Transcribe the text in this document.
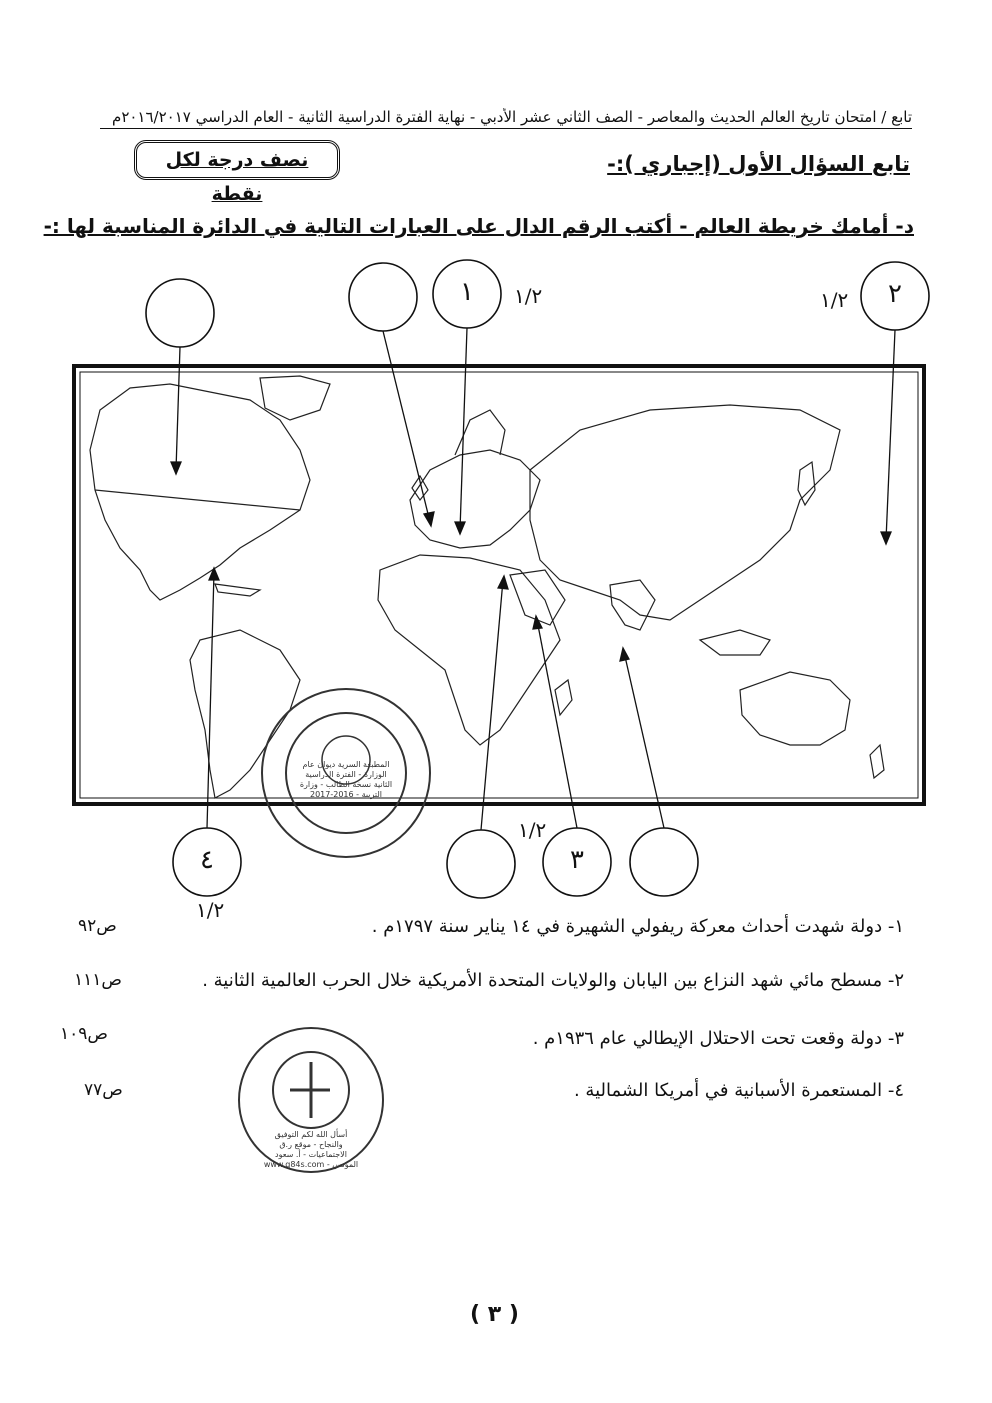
تابع / امتحان تاريخ العالم الحديث والمعاصر - الصف الثاني عشر الأدبي - نهاية الفترة الدراسية الثانية - العام الدراسي ٢٠١٦/٢٠١٧م
تابع السؤال الأول (إجباري ):-
نصف درجة لكل نقطة
د- أمامك خريطة العالم - أكتب الرقم الدال على العبارات التالية في الدائرة المناسبة لها :-
المطبعة السرية ديوان عام الوزارة - الفترة الدراسية الثانية نسخة الطالب - وزارة التربية - 2016-2017
أسأل الله لكم التوفيق والنجاح - موقع ر.ق الاجتماعيات - أ. سعود المونس - www.q84s.com
١	٢
٤	٣
١/٢	١/٢
١/٢
١/٢
١- دولة شهدت أحداث معركة ريفولي الشهيرة في ١٤ يناير سنة ١٧٩٧م .
ص٩٢
٢- مسطح مائي شهد النزاع بين اليابان والولايات المتحدة الأمريكية خلال الحرب العالمية الثانية .
ص١١١
٣- دولة وقعت تحت الاحتلال الإيطالي عام ١٩٣٦م .
ص١٠٩
٤- المستعمرة الأسبانية في أمريكا الشمالية .
ص٧٧
( ٣ )
